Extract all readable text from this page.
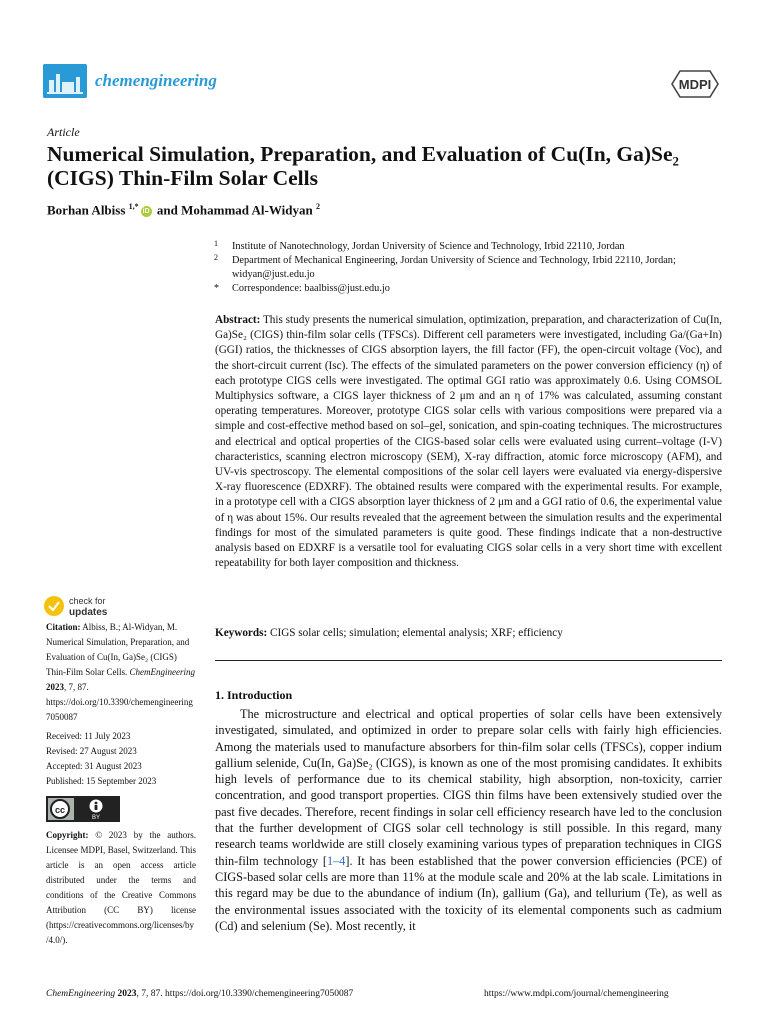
chemengineering	MDPI
Article
Numerical Simulation, Preparation, and Evaluation of Cu(In, Ga)Se₂ (CIGS) Thin-Film Solar Cells
Borhan Albiss $^{1,*}$iD and Mohammad Al-Widyan $^2$
1 Institute of Nanotechnology, Jordan University of Science and Technology, Irbid 22110, Jordan
2 Department of Mechanical Engineering, Jordan University of Science and Technology, Irbid 22110, Jordan; widyan@just.edu.jo
* Correspondence: baalbiss@just.edu.jo
Abstract: This study presents the numerical simulation, optimization, preparation, and characterization of Cu(In, Ga)Se₂ (CIGS) thin-film solar cells (TFSCs). Different cell parameters were investigated, including Ga/(Ga+In) (GGI) ratios, the thicknesses of CIGS absorption layers, the fill factor (FF), the open-circuit voltage (Voc), and the short-circuit current (Isc). The effects of the simulated parameters on the power conversion efficiency (η) of each prototype CIGS cells were investigated. The optimal GGI ratio was approximately 0.6. Using COMSOL Multiphysics software, a CIGS layer thickness of 2 μm and an η of 17% was calculated, assuming constant operating temperatures. Moreover, prototype CIGS solar cells with various compositions were prepared via a simple and cost-effective method based on sol–gel, sonication, and spin-coating techniques. The microstructures and electrical and optical properties of the CIGS-based solar cells were evaluated using current–voltage (I-V) characteristics, scanning electron microscopy (SEM), X-ray diffraction, atomic force microscopy (AFM), and UV-vis spectroscopy. The elemental compositions of the solar cell layers were evaluated via energy-dispersive X-ray fluorescence (EDXRF). The obtained results were compared with the experimental results. For example, in a prototype cell with a CIGS absorption layer thickness of 2 μm and a GGI ratio of 0.6, the experimental value of η was about 15%. Our results revealed that the agreement between the simulation results and the experimental findings for most of the simulated parameters is quite good. These findings indicate that a non-destructive analysis based on EDXRF is a versatile tool for evaluating CIGS solar cells in a very short time with excellent repeatability for both layer composition and thickness.
Keywords: CIGS solar cells; simulation; elemental analysis; XRF; efficiency
check for
updates
Citation: Albiss, B.; Al-Widyan, M. Numerical Simulation, Preparation, and Evaluation of Cu(In, Ga)Se₂ (CIGS) Thin-Film Solar Cells. ChemEngineering 2023, 7, 87.
https://doi.org/10.3390/chemengineering7050087
Received: 11 July 2023
Revised: 27 August 2023
Accepted: 31 August 2023
Published: 15 September 2023
cc
BY
Copyright: © 2023 by the authors. Licensee MDPI, Basel, Switzerland. This article is an open access article distributed under the terms and conditions of the Creative Commons Attribution (CC BY) license (https://creativecommons.org/licenses/by/4.0/).
1. Introduction
The microstructure and electrical and optical properties of solar cells have been extensively investigated, simulated, and optimized in order to prepare solar cells with fairly high efficiencies. Among the materials used to manufacture absorbers for thin-film solar cells (TFSCs), copper indium gallium selenide, Cu(In, Ga)Se₂ (CIGS), is known as one of the most promising candidates. It exhibits high levels of performance due to its chemical stability, high absorption, non-toxicity, carrier concentration, and good transport properties. CIGS thin films have been extensively studied over the past five decades. Therefore, recent findings in solar cell efficiency research have led to the conclusion that the further development of CIGS solar cell technology is still possible. In this regard, many research teams worldwide are still closely examining various types of preparation techniques in CIGS thin-film technology [1–4]. It has been established that the power conversion efficiencies (PCE) of CIGS-based solar cells are more than 11% at the module scale and 20% at the lab scale. Limitations in this regard may be due to the abundance of indium (In), gallium (Ga), and tellurium (Te), as well as the environmental issues associated with the toxicity of its elemental components such as cadmium (Cd) and selenium (Se). Most recently, it
ChemEngineering 2023, 7, 87. https://doi.org/10.3390/chemengineering7050087	https://www.mdpi.com/journal/chemengineering
